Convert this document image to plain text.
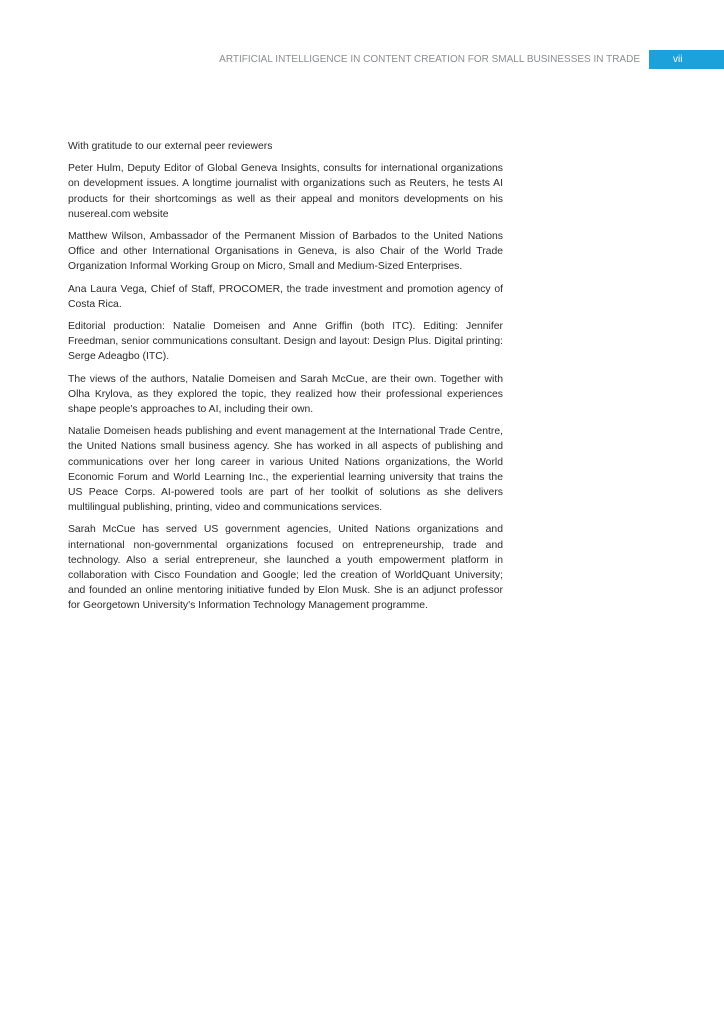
ARTIFICIAL INTELLIGENCE IN CONTENT CREATION FOR SMALL BUSINESSES IN TRADE	vii

With gratitude to our external peer reviewers

Peter Hulm, Deputy Editor of Global Geneva Insights, consults for international organizations on development issues. A longtime journalist with organizations such as Reuters, he tests AI products for their shortcomings as well as their appeal and monitors developments on his nusereal.com website

Matthew Wilson, Ambassador of the Permanent Mission of Barbados to the United Nations Office and other International Organisations in Geneva, is also Chair of the World Trade Organization Informal Working Group on Micro, Small and Medium-Sized Enterprises.

Ana Laura Vega, Chief of Staff, PROCOMER, the trade investment and promotion agency of Costa Rica.

Editorial production: Natalie Domeisen and Anne Griffin (both ITC). Editing: Jennifer Freedman, senior communications consultant. Design and layout: Design Plus. Digital printing: Serge Adeagbo (ITC).

The views of the authors, Natalie Domeisen and Sarah McCue, are their own. Together with Olha Krylova, as they explored the topic, they realized how their professional experiences shape people's approaches to AI, including their own.

Natalie Domeisen heads publishing and event management at the International Trade Centre, the United Nations small business agency. She has worked in all aspects of publishing and communications over her long career in various United Nations organizations, the World Economic Forum and World Learning Inc., the experiential learning university that trains the US Peace Corps. AI-powered tools are part of her toolkit of solutions as she delivers multilingual publishing, printing, video and communications services.

Sarah McCue has served US government agencies, United Nations organizations and international non-governmental organizations focused on entrepreneurship, trade and technology. Also a serial entrepreneur, she launched a youth empowerment platform in collaboration with Cisco Foundation and Google; led the creation of WorldQuant University; and founded an online mentoring initiative funded by Elon Musk. She is an adjunct professor for Georgetown University's Information Technology Management programme.
